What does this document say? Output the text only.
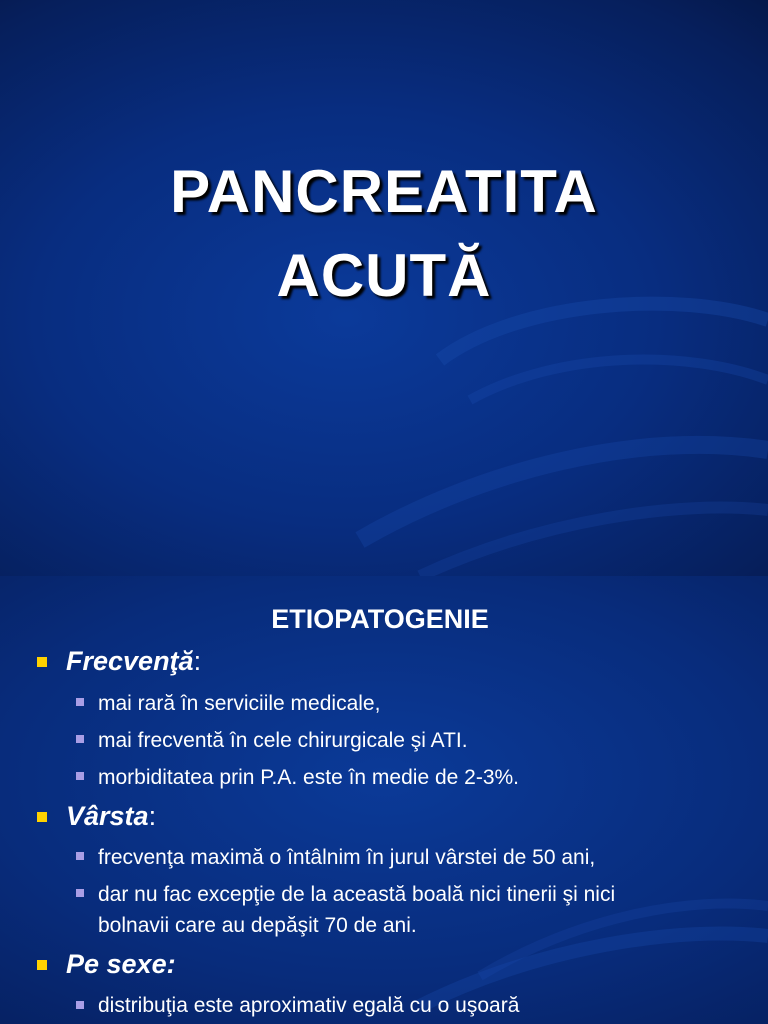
PANCREATITA
ACUTĂ
ETIOPATOGENIE
Frecvenţă:
mai rară în serviciile medicale,
mai frecventă în cele chirurgicale şi ATI.
morbiditatea prin P.A. este în medie de 2-3%.
Vârsta:
frecvenţa maximă o întâlnim în jurul vârstei de 50 ani,
dar nu fac excepţie de la această boală nici tinerii şi nici
bolnavii care au depăşit 70 de ani.
Pe sexe:
distribuţia este aproximativ egală cu o uşoară
